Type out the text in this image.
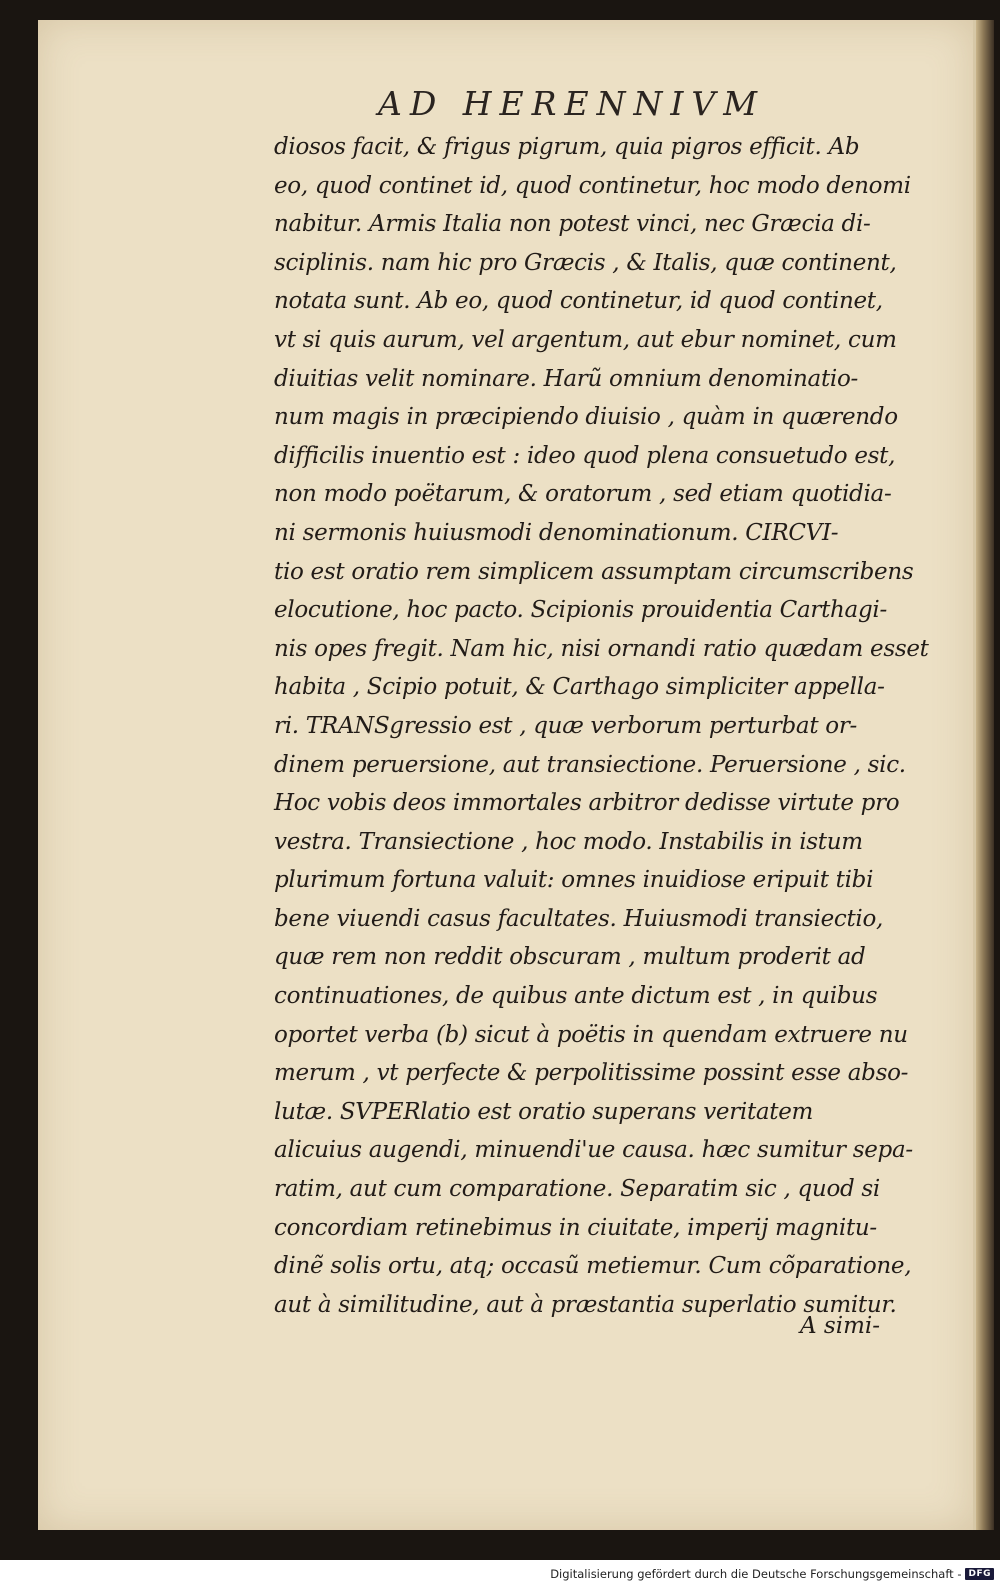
AD HERENNIVM
diosos facit, & frigus pigrum, quia pigros efficit. Ab
eo, quod continet id, quod continetur, hoc modo denomi
nabitur. Armis Italia non potest vinci, nec Græcia di-
sciplinis. nam hic pro Græcis , & Italis, quæ continent,
notata sunt. Ab eo, quod continetur, id quod continet,
vt si quis aurum, vel argentum, aut ebur nominet, cum
diuitias velit nominare. Harũ omnium denominatio-
num magis in præcipiendo diuisio , quàm in quærendo
difficilis inuentio est : ideo quod plena consuetudo est,
non modo poëtarum, & oratorum , sed etiam quotidia-
ni sermonis huiusmodi denominationum. CIRCVI-
tio est oratio rem simplicem assumptam circumscribens
elocutione, hoc pacto. Scipionis prouidentia Carthagi-
nis opes fregit. Nam hic, nisi ornandi ratio quædam esset
habita , Scipio potuit, & Carthago simpliciter appella-
ri. TRANSgressio est , quæ verborum perturbat or-
dinem peruersione, aut transiectione. Peruersione , sic.
Hoc vobis deos immortales arbitror dedisse virtute pro
vestra. Transiectione , hoc modo. Instabilis in istum
plurimum fortuna valuit: omnes inuidiose eripuit tibi
bene viuendi casus facultates. Huiusmodi transiectio,
quæ rem non reddit obscuram , multum proderit ad
continuationes, de quibus ante dictum est , in quibus
oportet verba (b) sicut à poëtis in quendam extruere nu
merum , vt perfecte & perpolitissime possint esse abso-
lutæ. SVPERlatio est oratio superans veritatem
alicuius augendi, minuendi'ue causa. hæc sumitur sepa-
ratim, aut cum comparatione. Separatim sic , quod si
concordiam retinebimus in ciuitate, imperij magnitu-
dinẽ solis ortu, atq; occasũ metiemur. Cum cõparatione,
aut à similitudine, aut à præstantia superlatio sumitur.
A simi-
Digitalisierung gefördert durch die Deutsche Forschungsgemeinschaft - DFG
